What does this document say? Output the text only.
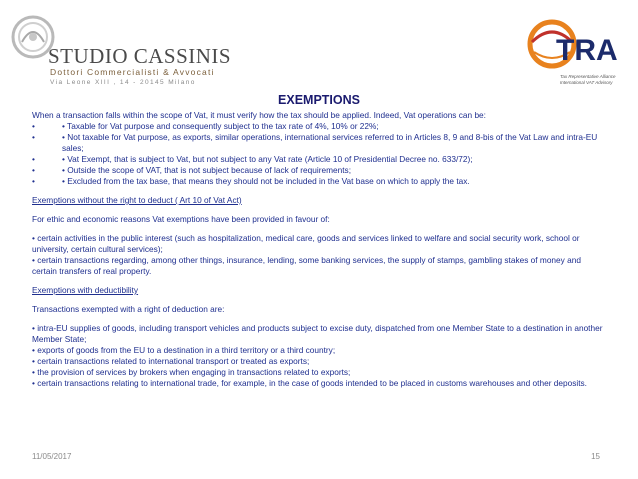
STUDIO CASSINIS
Dottori Commercialisti & Avvocati
Via Leone XIII , 14 - 20145 Milano
TRA
Tax Representative Alliance
International VAT Advisory
EXEMPTIONS

When a transaction falls within the scope of Vat, it must verify how the tax should be applied. Indeed, Vat operations can be:

•	• Taxable for Vat purpose and consequently subject to the tax rate of 4%, 10% or 22%;
•	• Not taxable for Vat purpose, as exports, similar operations, international services referred to in Articles 8, 9 and 8-bis of the Vat Law and intra-EU sales;
•	• Vat Exempt, that is subject to Vat, but not subject to any Vat rate (Article 10 of Presidential Decree no. 633/72);
•	• Outside the scope of VAT, that is not subject because of lack of requirements;
•	• Excluded from the tax base, that means they should not be included in the Vat base on which to apply the tax.

Exemptions without the right to deduct ( Art 10 of Vat Act)

For ethic and economic reasons Vat exemptions have been provided in favour of:

• certain activities in the public interest (such as hospitalization, medical care, goods and services linked to welfare and social security work, school or university, certain cultural services);

• certain transactions regarding, among other things, insurance, lending, some banking services, the supply of stamps, gambling stakes of money and certain transfers of real property.

Exemptions with deductibility

Transactions exempted with a right of deduction are:

• intra-EU supplies of goods, including transport vehicles and products subject to excise duty, dispatched from one Member State to a destination in another Member State;

• exports of goods from the EU to a destination in a third territory or a third country;

• certain transactions related to international transport or treated as exports;

• the provision of services by brokers when engaging in transactions related to exports;

• certain transactions relating to international trade, for example, in the case of goods intended to be placed in customs warehouses and other deposits.

11/05/2017	15
